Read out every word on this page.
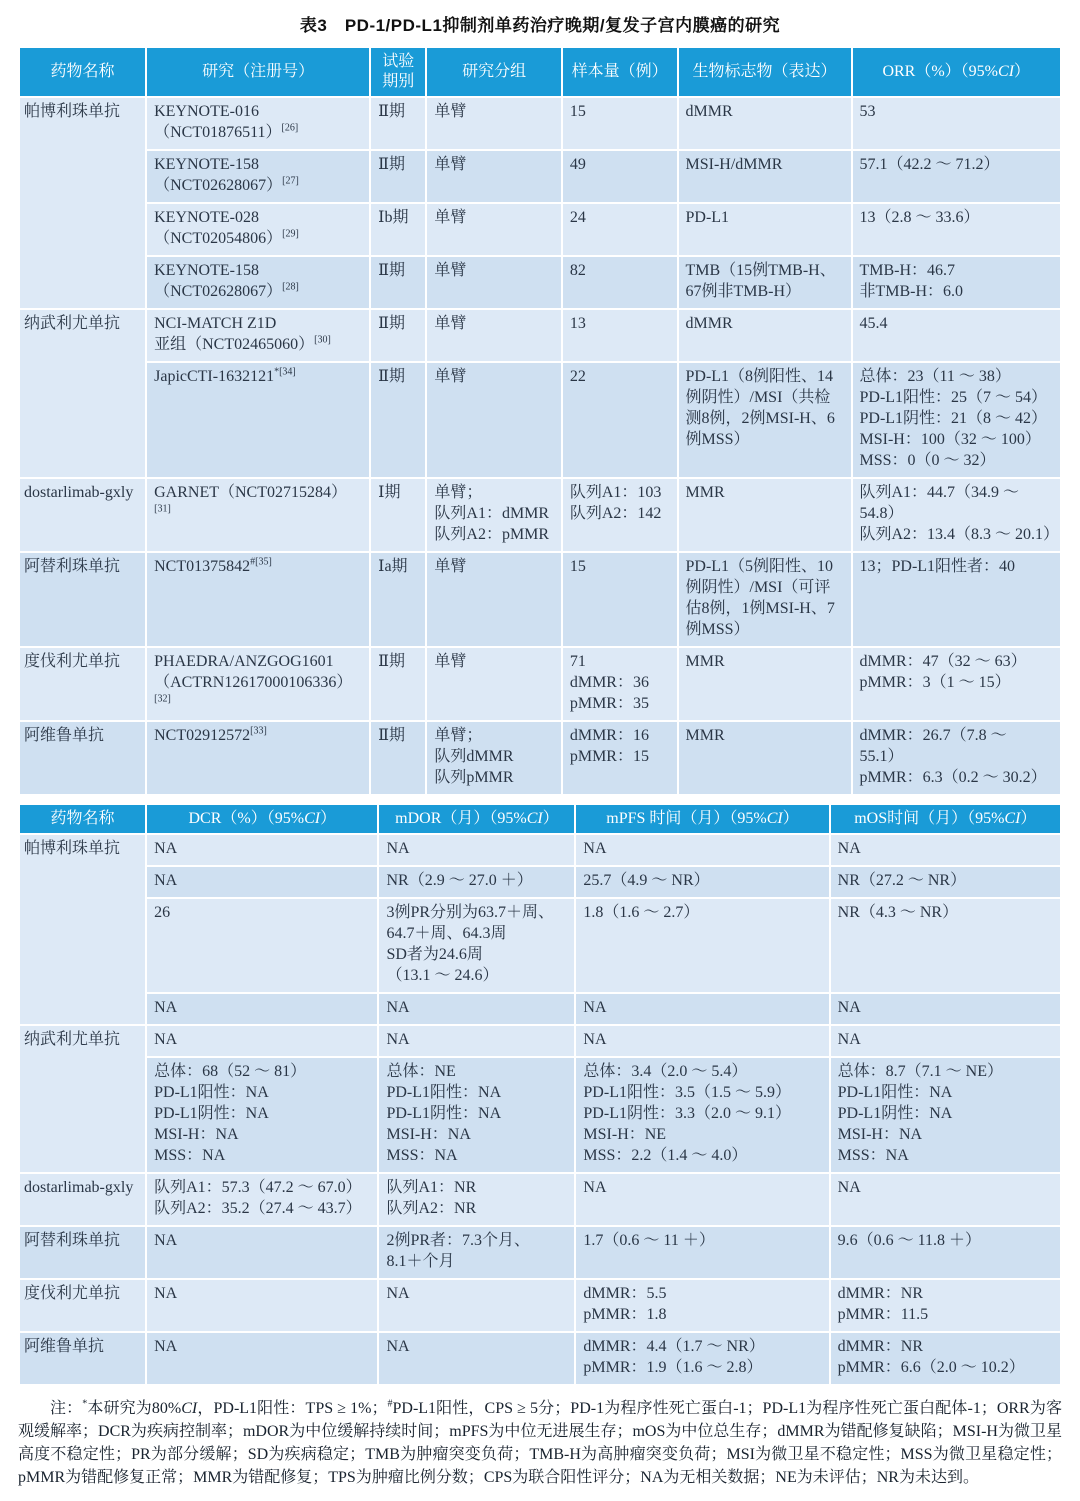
表3　PD-1/PD-L1抑制剂单药治疗晚期/复发子宫内膜癌的研究
药物名称	研究（注册号）	试验
期别	研究分组	样本量（例）	生物标志物（表达）	ORR（%）（95%CI）
帕博利珠单抗	KEYNOTE-016
（NCT01876511）[26]	Ⅱ期	单臂	15	dMMR	53
	KEYNOTE-158
（NCT02628067）[27]	Ⅱ期	单臂	49	MSI-H/dMMR	57.1（42.2 ～ 71.2）
	KEYNOTE-028
（NCT02054806）[29]	Ⅰb期	单臂	24	PD-L1	13（2.8 ～ 33.6）
	KEYNOTE-158
（NCT02628067）[28]	Ⅱ期	单臂	82	TMB（15例TMB-H、
67例非TMB-H）	TMB-H：46.7
非TMB-H：6.0
纳武利尤单抗	NCI-MATCH Z1D
亚组（NCT02465060）[30]	Ⅱ期	单臂	13	dMMR	45.4
	JapicCTI-$1632121^{*[34]}$	Ⅱ期	单臂	22	PD-L1（8例阳性、14例阴性）/MSI（共检测8例，2例MSI-H、6例MSS）	总体：23（11 ～ 38）
PD-L1阳性：25（7 ～ 54）
PD-L1阴性：21（8 ～ 42）
MSI-H：100（32 ～ 100）
MSS：0（0 ～ 32）
dostarlimab-gxly	GARNET（NCT02715284）[31]	Ⅰ期	单臂；
队列A1：dMMR
队列A2：pMMR	队列A1：103
队列A2：142	MMR	队列A1：44.7（34.9 ～ 54.8）
队列A2：13.4（8.3 ～ 20.1）
阿替利珠单抗	$NCT01375842^{\#[35]}$	Ⅰa期	单臂	15	PD-L1（5例阳性、10例阴性）/MSI（可评估8例，1例MSI-H、7例MSS）	13；PD-L1阳性者：40
度伐利尤单抗	PHAEDRA/ANZGOG1601
（ACTRN12617000106336）[32]	Ⅱ期	单臂	71
dMMR：36
pMMR：35	MMR	dMMR：47（32 ～ 63）
pMMR：3（1 ～ 15）
阿维鲁单抗	NCT02912572[33]	Ⅱ期	单臂；
队列dMMR
队列pMMR	dMMR：16
pMMR：15	MMR	dMMR：26.7（7.8 ～ 55.1）
pMMR：6.3（0.2 ～ 30.2）
药物名称	DCR（%）（95%CI）	mDOR（月）（95%CI）	mPFS 时间（月）（95%CI）	mOS时间（月）（95%CI）
帕博利珠单抗	NA	NA	NA	NA
	NA	NR（2.9 ～ 27.0 ＋）	25.7（4.9 ～ NR）	NR（27.2 ～ NR）
	26	3例PR分别为63.7＋周、
64.7＋周、64.3周
SD者为24.6周
（13.1 ～ 24.6）	1.8（1.6 ～ 2.7）	NR（4.3 ～ NR）
	NA	NA	NA	NA
纳武利尤单抗	NA	NA	NA	NA
	总体：68（52 ～ 81）
PD-L1阳性：NA
PD-L1阴性：NA
MSI-H：NA
MSS：NA	总体：NE
PD-L1阳性：NA
PD-L1阴性：NA
MSI-H：NA
MSS：NA	总体：3.4（2.0 ～ 5.4）
PD-L1阳性：3.5（1.5 ～ 5.9）
PD-L1阴性：3.3（2.0 ～ 9.1）
MSI-H：NE
MSS：2.2（1.4 ～ 4.0）	总体：8.7（7.1 ～ NE）
PD-L1阳性：NA
PD-L1阴性：NA
MSI-H：NA
MSS：NA
dostarlimab-gxly	队列A1：57.3（47.2 ～ 67.0）
队列A2：35.2（27.4 ～ 43.7）	队列A1：NR
队列A2：NR	NA	NA
阿替利珠单抗	NA	2例PR者：7.3个月、
8.1＋个月	1.7（0.6 ～ 11 ＋）	9.6（0.6 ～ 11.8 ＋）
度伐利尤单抗	NA	NA	dMMR：5.5
pMMR：1.8	dMMR：NR
pMMR：11.5
阿维鲁单抗	NA	NA	dMMR：4.4（1.7 ～ NR）
pMMR：1.9（1.6 ～ 2.8）	dMMR：NR
pMMR：6.6（2.0 ～ 10.2）

注：*本研究为80%CI，PD-L1阳性：TPS ≥ 1%；#PD-L1阳性，CPS ≥ 5分；PD-1为程序性死亡蛋白-1；PD-L1为程序性死亡蛋白配体-1；ORR为客观缓解率；DCR为疾病控制率；mDOR为中位缓解持续时间；mPFS为中位无进展生存；mOS为中位总生存；dMMR为错配修复缺陷；MSI-H为微卫星高度不稳定性；PR为部分缓解；SD为疾病稳定；TMB为肿瘤突变负荷；TMB-H为高肿瘤突变负荷；MSI为微卫星不稳定性；MSS为微卫星稳定性；pMMR为错配修复正常；MMR为错配修复；TPS为肿瘤比例分数；CPS为联合阳性评分；NA为无相关数据；NE为未评估；NR为未达到。
